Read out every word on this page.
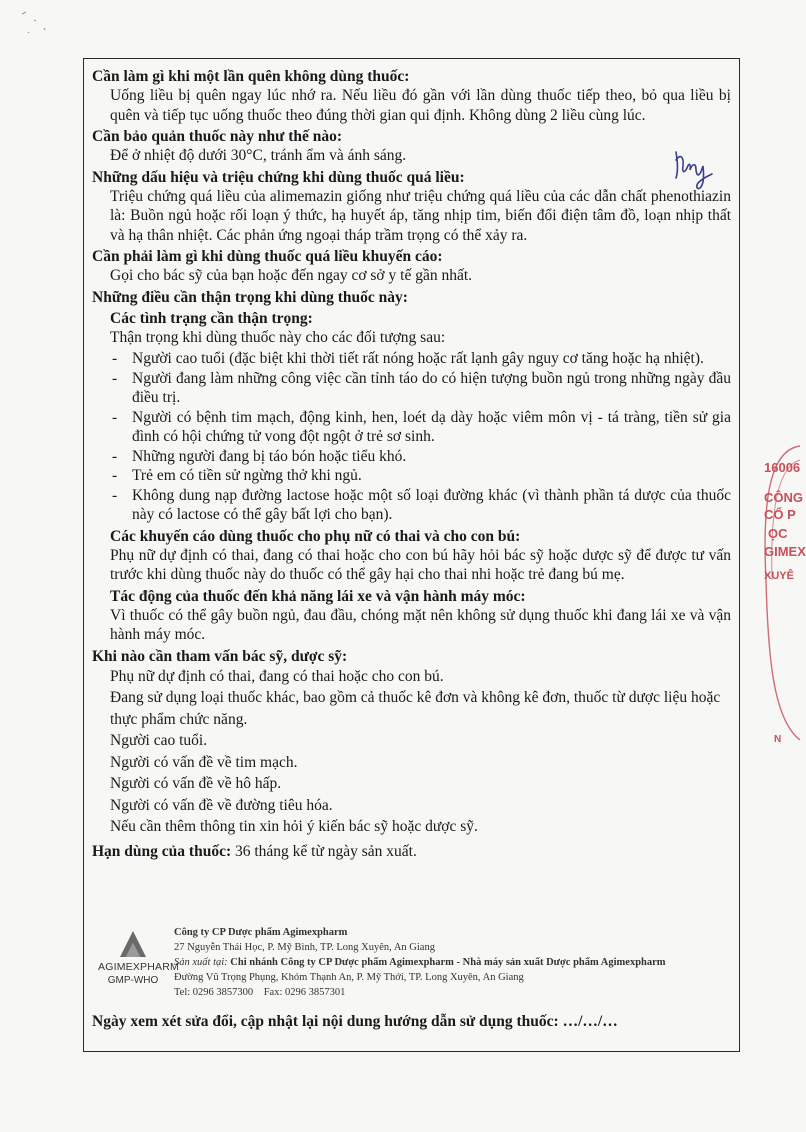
16006
CÔNG
CỔ P
ỌC
GIMEX
XUYÊ
N
Cần làm gì khi một lần quên không dùng thuốc:
Uống liều bị quên ngay lúc nhớ ra. Nếu liều đó gần với lần dùng thuốc tiếp theo, bỏ qua liều bị quên và tiếp tục uống thuốc theo đúng thời gian qui định. Không dùng 2 liều cùng lúc.
Cần bảo quản thuốc này như thế nào:
Để ở nhiệt độ dưới 30°C, tránh ẩm và ánh sáng.
Những dấu hiệu và triệu chứng khi dùng thuốc quá liều:
Triệu chứng quá liều của alimemazin giống như triệu chứng quá liều của các dẫn chất phenothiazin là: Buồn ngủ hoặc rối loạn ý thức, hạ huyết áp, tăng nhịp tim, biến đổi điện tâm đồ, loạn nhịp thất và hạ thân nhiệt. Các phản ứng ngoại tháp trầm trọng có thể xảy ra.
Cần phải làm gì khi dùng thuốc quá liều khuyến cáo:
Gọi cho bác sỹ của bạn hoặc đến ngay cơ sở y tế gần nhất.
Những điều cần thận trọng khi dùng thuốc này:
Các tình trạng cần thận trọng:
Thận trọng khi dùng thuốc này cho các đối tượng sau:
- Người cao tuổi (đặc biệt khi thời tiết rất nóng hoặc rất lạnh gây nguy cơ tăng hoặc hạ nhiệt).
- Người đang làm những công việc cần tỉnh táo do có hiện tượng buồn ngủ trong những ngày đầu điều trị.
- Người có bệnh tim mạch, động kinh, hen, loét dạ dày hoặc viêm môn vị - tá tràng, tiền sử gia đình có hội chứng tử vong đột ngột ở trẻ sơ sinh.
- Những người đang bị táo bón hoặc tiểu khó.
- Trẻ em có tiền sử ngừng thở khi ngủ.
- Không dung nạp đường lactose hoặc một số loại đường khác (vì thành phần tá dược của thuốc này có lactose có thể gây bất lợi cho bạn).
Các khuyến cáo dùng thuốc cho phụ nữ có thai và cho con bú:
Phụ nữ dự định có thai, đang có thai hoặc cho con bú hãy hỏi bác sỹ hoặc dược sỹ để được tư vấn trước khi dùng thuốc này do thuốc có thể gây hại cho thai nhi hoặc trẻ đang bú mẹ.
Tác động của thuốc đến khả năng lái xe và vận hành máy móc:
Vì thuốc có thể gây buồn ngủ, đau đầu, chóng mặt nên không sử dụng thuốc khi đang lái xe và vận hành máy móc.
Khi nào cần tham vấn bác sỹ, dược sỹ:
Phụ nữ dự định có thai, đang có thai hoặc cho con bú.
Đang sử dụng loại thuốc khác, bao gồm cả thuốc kê đơn và không kê đơn, thuốc từ dược liệu hoặc thực phẩm chức năng.
Người cao tuổi.
Người có vấn đề về tim mạch.
Người có vấn đề về hô hấp.
Người có vấn đề về đường tiêu hóa.
Nếu cần thêm thông tin xin hỏi ý kiến bác sỹ hoặc dược sỹ.
Hạn dùng của thuốc: 36 tháng kể từ ngày sản xuất.
AGIMEXPHARM
GMP-WHO
Công ty CP Dược phẩm Agimexpharm
27 Nguyễn Thái Học, P. Mỹ Bình, TP. Long Xuyên, An Giang
Sản xuất tại: Chi nhánh Công ty CP Dược phẩm Agimexpharm - Nhà máy sản xuất Dược phẩm Agimexpharm
Đường Vũ Trọng Phụng, Khóm Thạnh An, P. Mỹ Thới, TP. Long Xuyên, An Giang
Tel: 0296 3857300 Fax: 0296 3857301
Ngày xem xét sửa đổi, cập nhật lại nội dung hướng dẫn sử dụng thuốc: …/…/…
